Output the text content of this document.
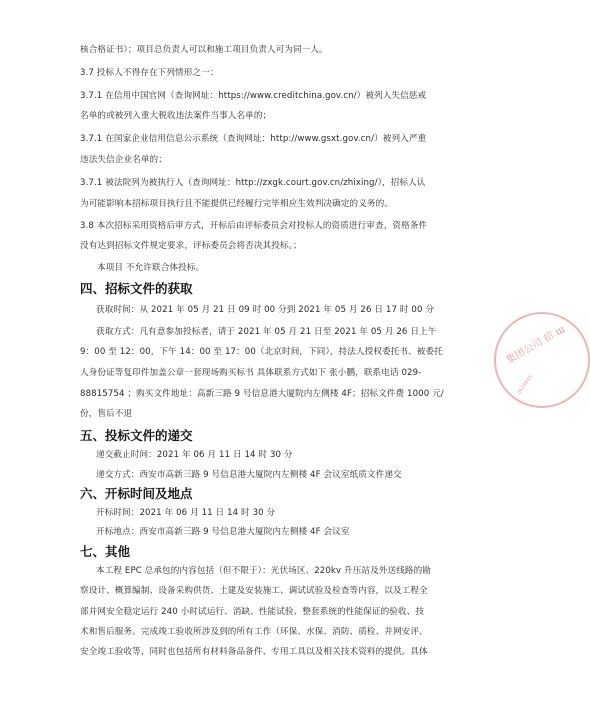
核合格证书）；项目总负责人可以和施工项目负责人可为同一人。
3.7 投标人不得存在下列情形之一：
3.7.1 在信用中国官网（查询网址：https://www.creditchina.gov.cn/）被列入失信惩戒
名单的或被列入重大税收违法案件当事人名单的；
3.7.1 在国家企业信用信息公示系统（查询网址：http://www.gsxt.gov.cn/）被列入严重
违法失信企业名单的；
3.7.1 被法院列为被执行人（查询网址：http://zxgk.court.gov.cn/zhixing/），招标人认
为可能影响本招标项目执行且不能提供已经履行完毕相应生效判决确定的义务的。
3.8 本次招标采用资格后审方式，开标后由评标委员会对投标人的资质进行审查，资格条件
没有达到招标文件规定要求，评标委员会将否决其投标。；
本项目 不允许联合体投标。
四、招标文件的获取
获取时间：从 2021 年 05 月 21 日 09 时 00 分到 2021 年 05 月 26 日 17 时 00 分
获取方式：凡有意参加投标者，请于 2021 年 05 月 21 日至 2021 年 05 月 26 日上午
9：00 至 12：00，下午 14：00 至 17：00（北京时间，下同），持法人授权委托书、被委托
人身份证等复印件加盖公章一套现场购买标书 具体联系方式如下 张小鹏，联系电话 029-
88815754 ；购买文件地址：高新三路 9 号信息港大厦院内左侧楼 4F；招标文件费 1000 元/
份，售后不退
五、投标文件的递交
递交截止时间：2021 年 06 月 11 日 14 时 30 分
递交方式：西安市高新三路 9 号信息港大厦院内左侧楼 4F 会议室纸质文件递交
六、开标时间及地点
开标时间：2021 年 06 月 11 日 14 时 30 分
开标地点：西安市高新三路 9 号信息港大厦院内左侧楼 4F 会议室
七、其他
本工程 EPC 总承包的内容包括（但不限于）：光伏场区、220kv 升压站及外送线路的勘
察设计、概算编制、设备采购供货、土建及安装施工、调试试验及检查等内容，以及工程全
部并网安全稳定运行 240 小时试运行、消缺、性能试验、整套系统的性能保证的验收、技
术和售后服务。完成竣工验收所涉及到的所有工作（环保、水保、消防、质检、并网安评、
安全竣工验收等，同时也包括所有材料备品备件、专用工具以及相关技术资料的提供。具体
集团公司 招 ш
0629845
